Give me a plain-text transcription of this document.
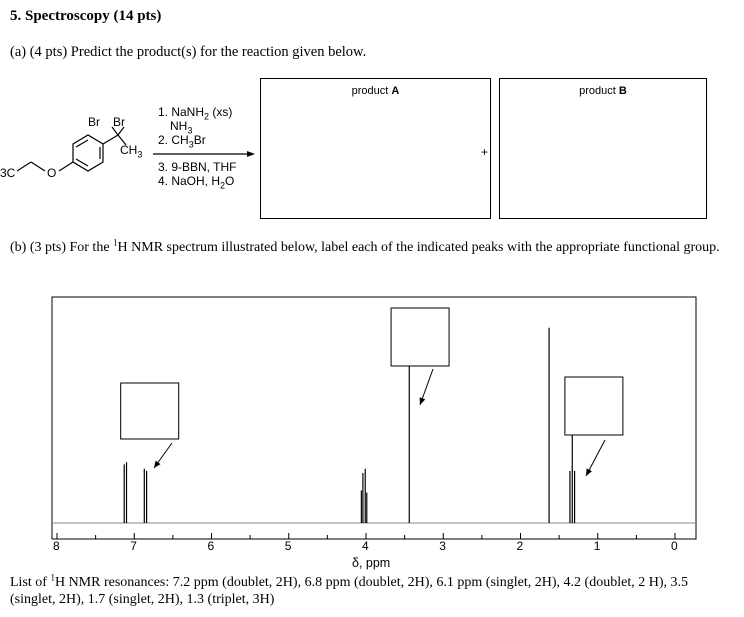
5. Spectroscopy (14 pts)
(a) (4 pts) Predict the product(s) for the reaction given below.
Br Br
$CH_3$
O
3C
1. NaNH$_2$ (xs)
$NH_3$
2. $CH_3Br$
3. 9-BBN, THF
4. NaOH, $H_2O$
product A
+
product B
(b) (3 pts) For the $^1$H NMR spectrum illustrated below, label each of the indicated peaks with the appropriate functional group.
8	7	6	5	4	3	2	1	0
δ, ppm
List of $^1$H NMR resonances: 7.2 ppm (doublet, 2H), 6.8 ppm (doublet, 2H), 6.1 ppm (singlet, 2H), 4.2 (doublet, 2 H), 3.5 (singlet, 2H), 1.7 (singlet, 2H), 1.3 (triplet, 3H)
